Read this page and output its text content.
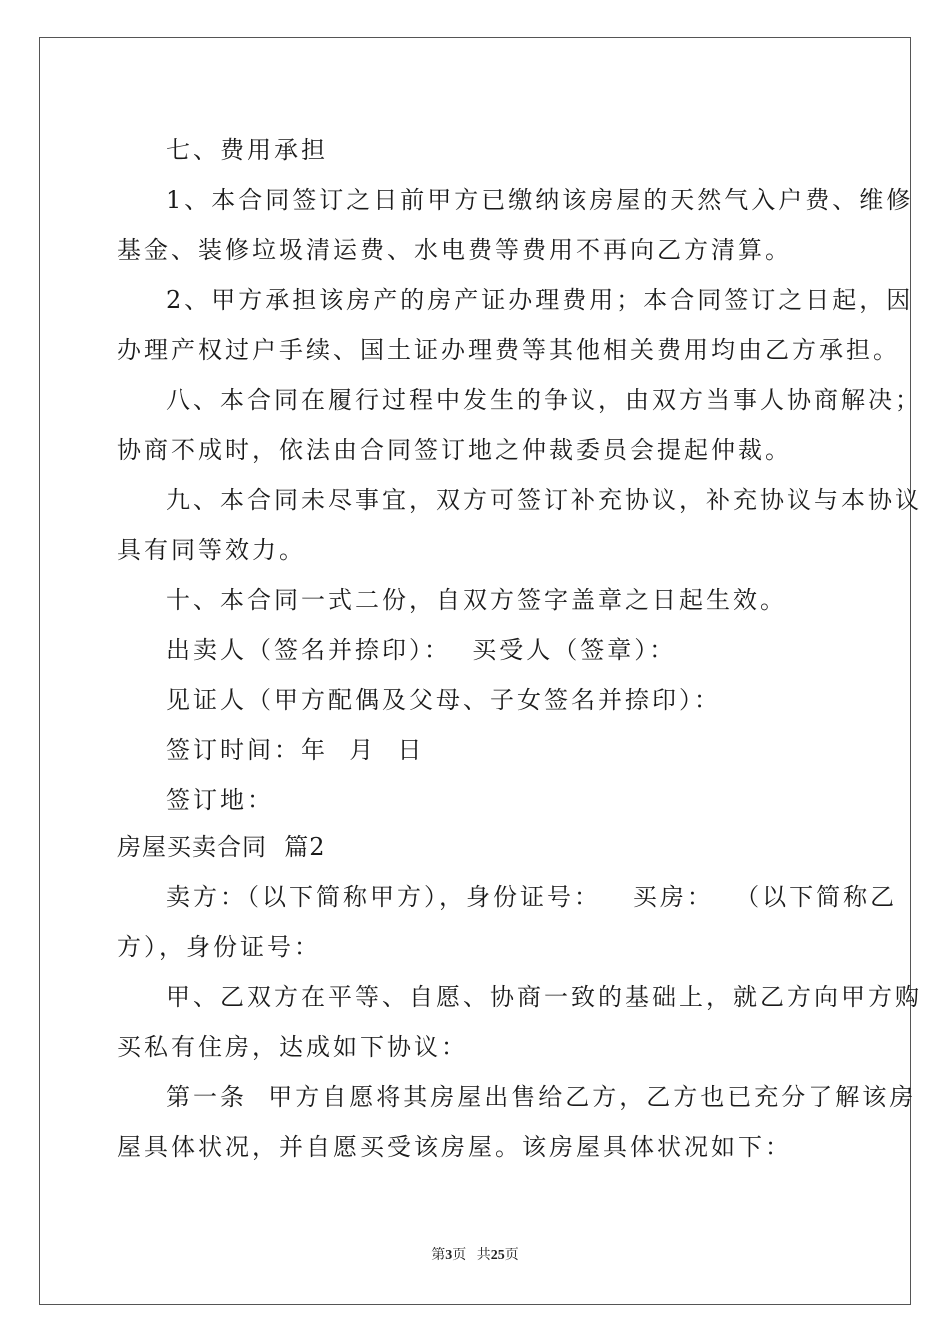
七、费用承担
1、本合同签订之日前甲方已缴纳该房屋的天然气入户费、维修
基金、装修垃圾清运费、水电费等费用不再向乙方清算。
2、甲方承担该房产的房产证办理费用；本合同签订之日起，因
办理产权过户手续、国土证办理费等其他相关费用均由乙方承担。
八、本合同在履行过程中发生的争议，由双方当事人协商解决；
协商不成时，依法由合同签订地之仲裁委员会提起仲裁。
九、本合同未尽事宜，双方可签订补充协议，补充协议与本协议
具有同等效力。
十、本合同一式二份，自双方签字盖章之日起生效。
出卖人（签名并捺印）：  买受人（签章）：
见证人（甲方配偶及父母、子女签名并捺印）：
签订时间：年  月  日
签订地：
房屋买卖合同  篇2
卖方：（以下简称甲方），身份证号：   买房：  （以下简称乙
方），身份证号：
甲、乙双方在平等、自愿、协商一致的基础上，就乙方向甲方购
买私有住房，达成如下协议：
第一条  甲方自愿将其房屋出售给乙方，乙方也已充分了解该房
屋具体状况，并自愿买受该房屋。该房屋具体状况如下：
第3页 共25页
